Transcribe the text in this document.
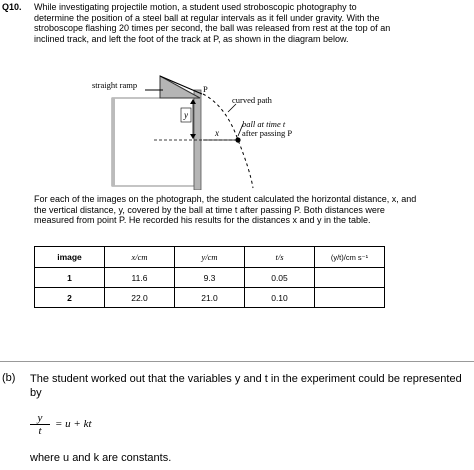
Q10. While investigating projectile motion, a student used stroboscopic photography to
determine the position of a steel ball at regular intervals as it fell under gravity. With the
stroboscope flashing 20 times per second, the ball was released from rest at the top of an
inclined track, and left the foot of the track at P, as shown in the diagram below.
straight ramp	P
y
x
curved path
ball at time t
after passing P
For each of the images on the photograph, the student calculated the horizontal distance, x, and
the vertical distance, y, covered by the ball at time t after passing P. Both distances were
measured from point P. He recorded his results for the distances x and y in the table.
image	x/cm	y/cm	t/s	(y/t)/cm s⁻¹
1	11.6	9.3	0.05	
2	22.0	21.0	0.10	
(b) The student worked out that the variables y and t in the experiment could be represented
by
$\frac{y}{t} = u$ + kt
where u and k are constants.
